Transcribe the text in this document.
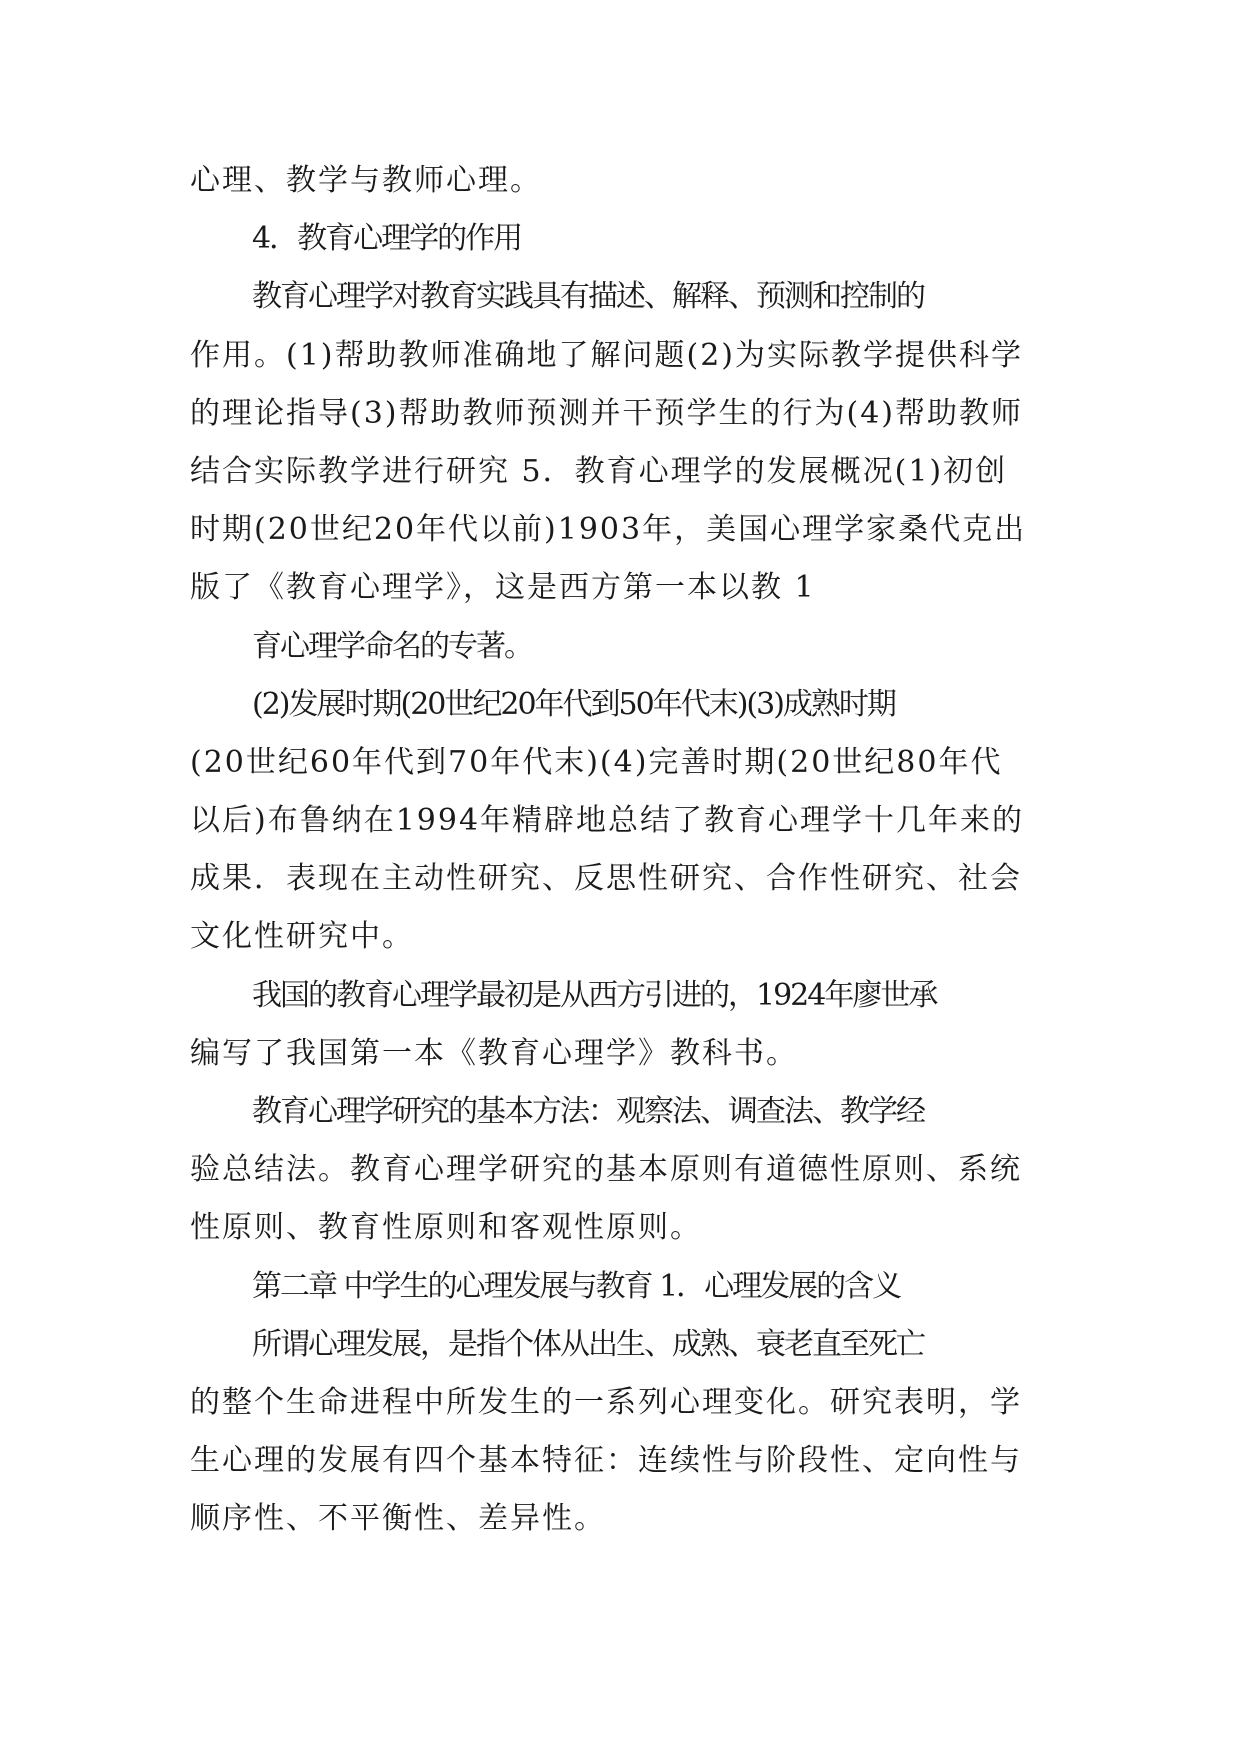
心理、教学与教师心理。
4．教育心理学的作用
教育心理学对教育实践具有描述、解释、预测和控制的
作用。(1)帮助教师准确地了解问题(2)为实际教学提供科学
的理论指导(3)帮助教师预测并干预学生的行为(4)帮助教师
结合实际教学进行研究 5．教育心理学的发展概况(1)初创
时期(20世纪20年代以前)1903年，美国心理学家桑代克出
版了《教育心理学》，这是西方第一本以教 1
育心理学命名的专著。
(2)发展时期(20世纪20年代到50年代末)(3)成熟时期
(20世纪60年代到70年代末)(4)完善时期(20世纪80年代
以后)布鲁纳在1994年精辟地总结了教育心理学十几年来的
成果．表现在主动性研究、反思性研究、合作性研究、社会
文化性研究中。
我国的教育心理学最初是从西方引进的，1924年廖世承
编写了我国第一本《教育心理学》教科书。
教育心理学研究的基本方法：观察法、调查法、教学经
验总结法。教育心理学研究的基本原则有道德性原则、系统
性原则、教育性原则和客观性原则。
第二章 中学生的心理发展与教育 1．心理发展的含义
所谓心理发展，是指个体从出生、成熟、衰老直至死亡
的整个生命进程中所发生的一系列心理变化。研究表明，学
生心理的发展有四个基本特征：连续性与阶段性、定向性与
顺序性、不平衡性、差异性。
